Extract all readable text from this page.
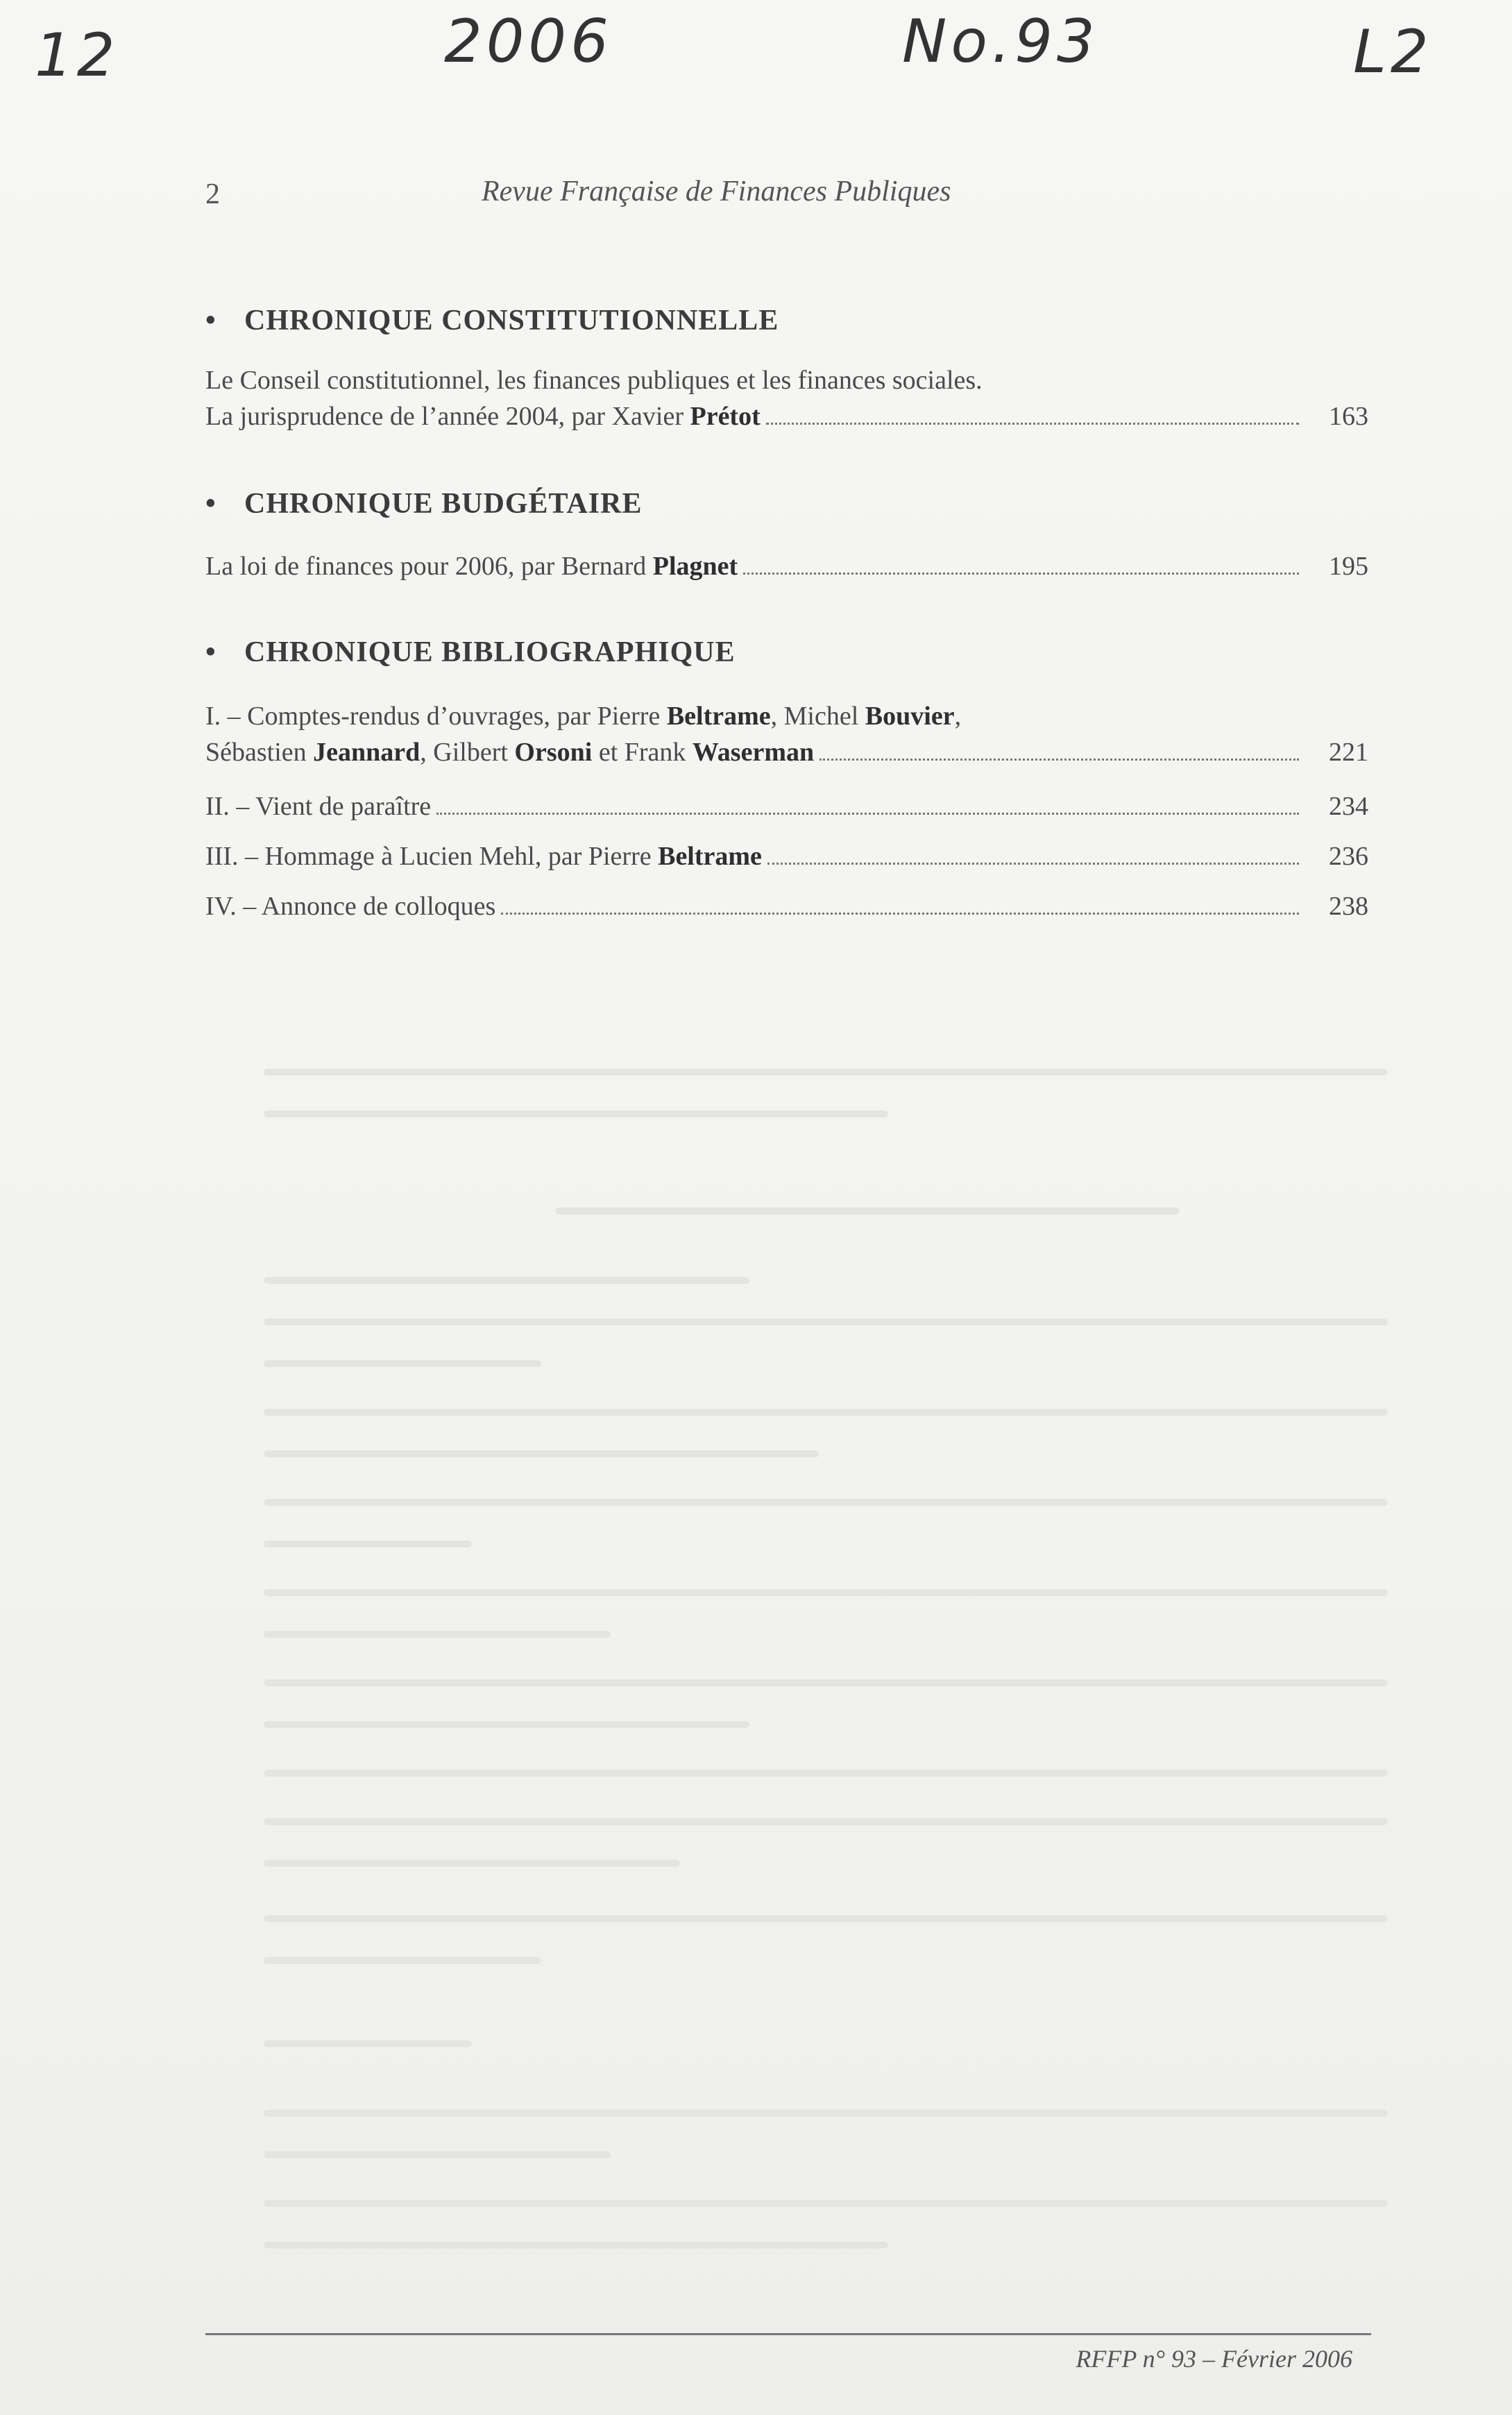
12	2006	No.93	L2
2	Revue Française de Finances Publiques
• CHRONIQUE CONSTITUTIONNELLE
Le Conseil constitutionnel, les finances publiques et les finances sociales.
La jurisprudence de l’année 2004, par Xavier Prétot	163
• CHRONIQUE BUDGÉTAIRE
La loi de finances pour 2006, par Bernard Plagnet	195
• CHRONIQUE BIBLIOGRAPHIQUE
I. – Comptes-rendus d’ouvrages, par Pierre Beltrame, Michel Bouvier,
Sébastien Jeannard, Gilbert Orsoni et Frank Waserman	221
II. – Vient de paraître	234
III. – Hommage à Lucien Mehl, par Pierre Beltrame	236
IV. – Annonce de colloques	238
RFFP n° 93 – Février 2006
